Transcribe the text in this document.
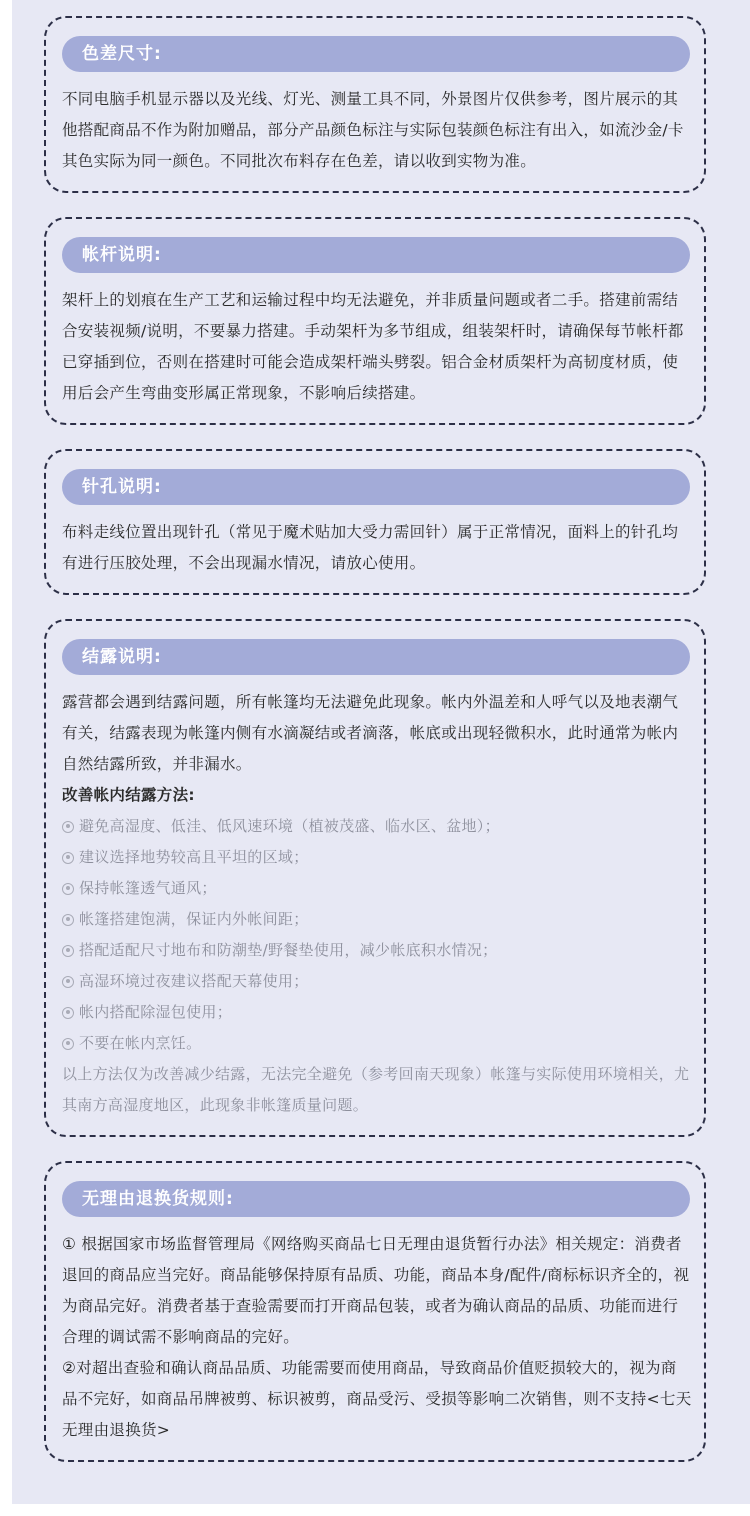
色差尺寸:

不同电脑手机显示器以及光线、灯光、测量工具不同，外景图片仅供参考，图片展示的其他搭配商品不作为附加赠品，部分产品颜色标注与实际包装颜色标注有出入，如流沙金/卡其色实际为同一颜色。不同批次布料存在色差，请以收到实物为准。

帐杆说明:

架杆上的划痕在生产工艺和运输过程中均无法避免，并非质量问题或者二手。搭建前需结合安装视频/说明，不要暴力搭建。手动架杆为多节组成，组装架杆时，请确保每节帐杆都已穿插到位，否则在搭建时可能会造成架杆端头劈裂。铝合金材质架杆为高韧度材质，使用后会产生弯曲变形属正常现象，不影响后续搭建。

针孔说明:

布料走线位置出现针孔（常见于魔术贴加大受力需回针）属于正常情况，面料上的针孔均有进行压胶处理，不会出现漏水情况，请放心使用。

结露说明:

露营都会遇到结露问题，所有帐篷均无法避免此现象。帐内外温差和人呼气以及地表潮气有关，结露表现为帐篷内侧有水滴凝结或者滴落，帐底或出现轻微积水，此时通常为帐内自然结露所致，并非漏水。

改善帐内结露方法:
避免高湿度、低洼、低风速环境（植被茂盛、临水区、盆地）；
建议选择地势较高且平坦的区域；
保持帐篷透气通风；
帐篷搭建饱满，保证内外帐间距；
搭配适配尺寸地布和防潮垫/野餐垫使用，减少帐底积水情况；
高湿环境过夜建议搭配天幕使用；
帐内搭配除湿包使用；
不要在帐内烹饪。
以上方法仅为改善减少结露，无法完全避免（参考回南天现象）帐篷与实际使用环境相关，尤其南方高湿度地区，此现象非帐篷质量问题。
无理由退换货规则:

① 根据国家市场监督管理局《网络购买商品七日无理由退货暂行办法》相关规定：消费者退回的商品应当完好。商品能够保持原有品质、功能，商品本身/配件/商标标识齐全的，视为商品完好。消费者基于查验需要而打开商品包装，或者为确认商品的品质、功能而进行合理的调试需不影响商品的完好。

②对超出查验和确认商品品质、功能需要而使用商品，导致商品价值贬损较大的，视为商品不完好，如商品吊牌被剪、标识被剪，商品受污、受损等影响二次销售，则不支持<七天无理由退换货>
